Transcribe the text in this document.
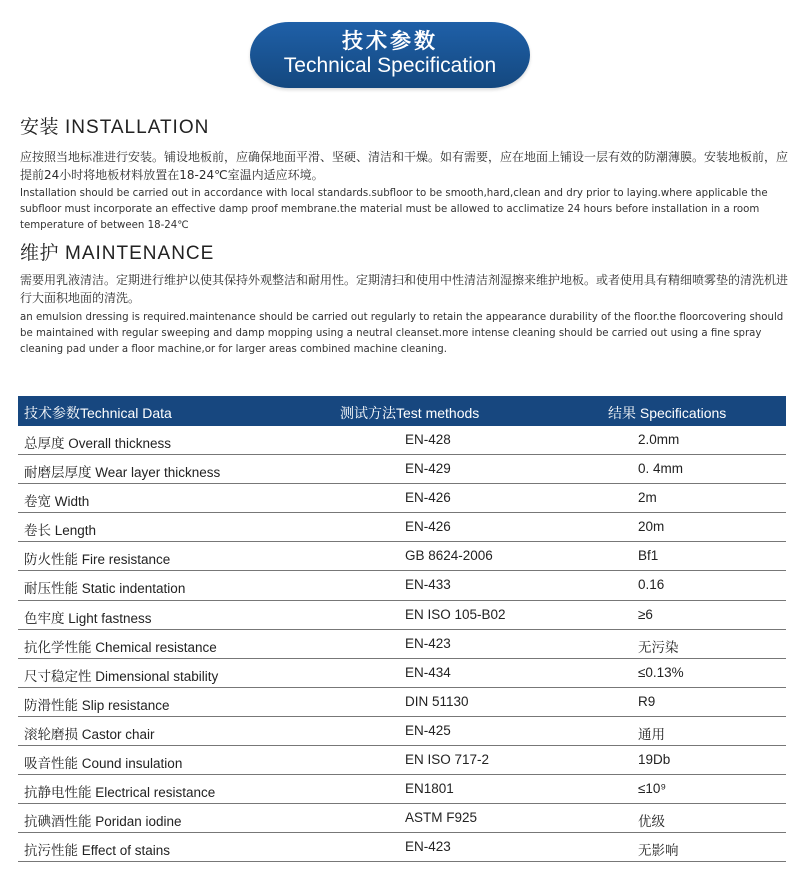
技术参数
Technical Specification
安装 INSTALLATION
应按照当地标准进行安装。铺设地板前，应确保地面平滑、坚硬、清洁和干燥。如有需要，应在地面上铺设一层有效的防潮薄膜。安装地板前，应提前24小时将地板材料放置在18-24℃室温内适应环境。
Installation should be carried out in accordance with local standards.subfloor to be smooth,hard,clean and dry prior to laying.where applicable the subfloor must incorporate an effective damp proof membrane.the material must be allowed to acclimatize 24 hours before installation in a room temperature of between 18-24℃
维护 MAINTENANCE
需要用乳液清洁。定期进行维护以使其保持外观整洁和耐用性。定期清扫和使用中性清洁剂湿擦来维护地板。或者使用具有精细喷雾垫的清洗机进行大面积地面的清洗。
an emulsion dressing is required.maintenance should be carried out regularly to retain the appearance durability of the floor.the floorcovering should be maintained with regular sweeping and damp mopping using a neutral cleanset.more intense cleaning should be carried out using a fine spray cleaning pad under a floor machine,or for larger areas combined machine cleaning.
技术参数Technical Data	测试方法Test methods	结果 Specifications
总厚度 Overall thickness	EN-428	2.0mm
耐磨层厚度 Wear layer thickness	EN-429	0. 4mm
卷宽 Width	EN-426	2m
卷长 Length	EN-426	20m
防火性能 Fire resistance	GB 8624-2006	Bf1
耐压性能 Static indentation	EN-433	0.16
色牢度 Light fastness	EN ISO 105-B02	≥6
抗化学性能 Chemical resistance	EN-423	无污染
尺寸稳定性 Dimensional stability	EN-434	≤0.13%
防滑性能 Slip resistance	DIN 51130	R9
滚轮磨损 Castor chair	EN-425	通用
吸音性能 Cound insulation	EN ISO 717-2	19Db
抗静电性能 Electrical resistance	EN1801	≤10⁹
抗碘酒性能 Poridan iodine	ASTM F925	优级
抗污性能 Effect of stains	EN-423	无影响
